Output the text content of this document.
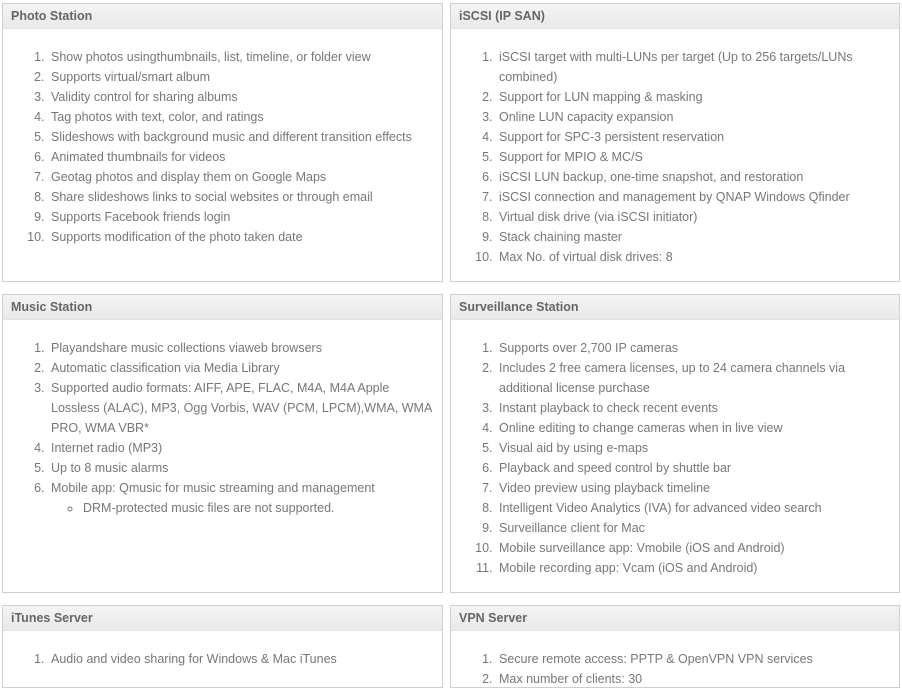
Photo Station
1. Show photos usingthumbnails, list, timeline, or folder view
2. Supports virtual/smart album
3. Validity control for sharing albums
4. Tag photos with text, color, and ratings
5. Slideshows with background music and different transition effects
6. Animated thumbnails for videos
7. Geotag photos and display them on Google Maps
8. Share slideshows links to social websites or through email
9. Supports Facebook friends login
10. Supports modification of the photo taken date
Music Station
1. Playandshare music collections viaweb browsers
2. Automatic classification via Media Library
3. Supported audio formats: AIFF, APE, FLAC, M4A, M4A Apple Lossless (ALAC), MP3, Ogg Vorbis, WAV (PCM, LPCM),WMA, WMA PRO, WMA VBR*
4. Internet radio (MP3)
5. Up to 8 music alarms
6. Mobile app: Qmusic for music streaming and management
◦ DRM-protected music files are not supported.
iTunes Server
1. Audio and video sharing for Windows & Mac iTunes
iSCSI (IP SAN)
1. iSCSI target with multi-LUNs per target (Up to 256 targets/LUNs combined)
2. Support for LUN mapping & masking
3. Online LUN capacity expansion
4. Support for SPC-3 persistent reservation
5. Support for MPIO & MC/S
6. iSCSI LUN backup, one-time snapshot, and restoration
7. iSCSI connection and management by QNAP Windows Qfinder
8. Virtual disk drive (via iSCSI initiator)
9. Stack chaining master
10. Max No. of virtual disk drives: 8
Surveillance Station
1. Supports over 2,700 IP cameras
2. Includes 2 free camera licenses, up to 24 camera channels via additional license purchase
3. Instant playback to check recent events
4. Online editing to change cameras when in live view
5. Visual aid by using e-maps
6. Playback and speed control by shuttle bar
7. Video preview using playback timeline
8. Intelligent Video Analytics (IVA) for advanced video search
9. Surveillance client for Mac
10. Mobile surveillance app: Vmobile (iOS and Android)
11. Mobile recording app: Vcam (iOS and Android)
VPN Server
1. Secure remote access: PPTP & OpenVPN VPN services
2. Max number of clients: 30
